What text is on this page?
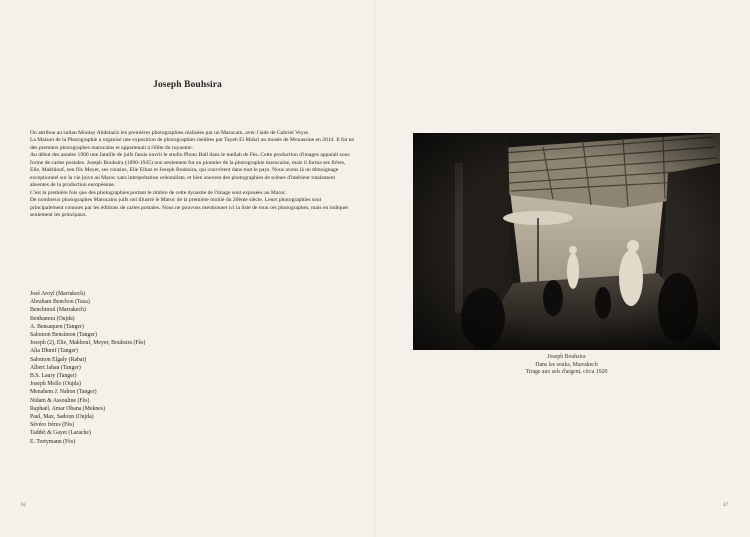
Joseph Bouhsira

On attribue au sultan Moulay Abdelaziz les premières photographies réalisées par un Marocain, avec l'aide de Gabriel Veyre.

La Maison de la Photographie a organisé une exposition de photographies inédites par Tayeb El Mokri au musée de Mouassine en 2014. Il fut un des premiers photographes marocains et appartenait à l'élite du royaume.

Au début des années 1900 une famille de juifs fassis ouvrit le studio Photo Hall dans le mellah de Fès. Cette production d'images apparaît sous forme de cartes postales. Joseph Bouhsira (1890-1945) non seulement fut un pionnier de la photographie marocaine, mais il forma ses frères, Elie, Makhlouf, son fils Meyer, ses cousins, Elie Elbaz et Joseph Bouhsira, qui couvrirent dans tout le pays. Nous avons là un témoignage exceptionnel sur la vie juive au Maroc sans interprétation orientaliste, et bien souvent des photographies de scènes d'intérieur totalement absentes de la production européenne.

C'est la première fois que des photographies portant le timbre de cette dynastie de l'image sont exposées au Maroc.

De nombreux photographes Marocains juifs ont illustré le Maroc de la première moitié du 20ème siècle. Leurs photographies sont principalement connues par les éditions de cartes postales. Nous ne pouvons mentionner ici la liste de tous ces photographes, mais en indiquer seulement les principaux.

José Aroyl (Marrakech)
Abraham Benchou (Taza)
Benchimol (Marrakech)
Benhamou (Oujda)
A. Bensaquen (Tanger)
Salomon Bensimon (Tanger)
Joseph (2), Elie, Makhouf, Meyer, Bouhsira (Fès)
Alia Dhmif (Tanger)
Salomon Elgaly (Rabat)
Albert Jahan (Tanger)
B.S. Laury (Tanger)
Joseph Mollo (Oujda)
Menahem J. Nahon (Tanger)
Nidam & Assouline (Fès)
Raphaël, Amar Obana (Meknes)
Paul, Max, Sadoun (Oujda)
Sévéro frères (Fès)
Taddéi & Gayet (Larache)
E. Tortymann (Fès)
62
Joseph Bouhsira
Dans les souks, Marrakech
Tirage aux sels d'argent, circa 1920
47
